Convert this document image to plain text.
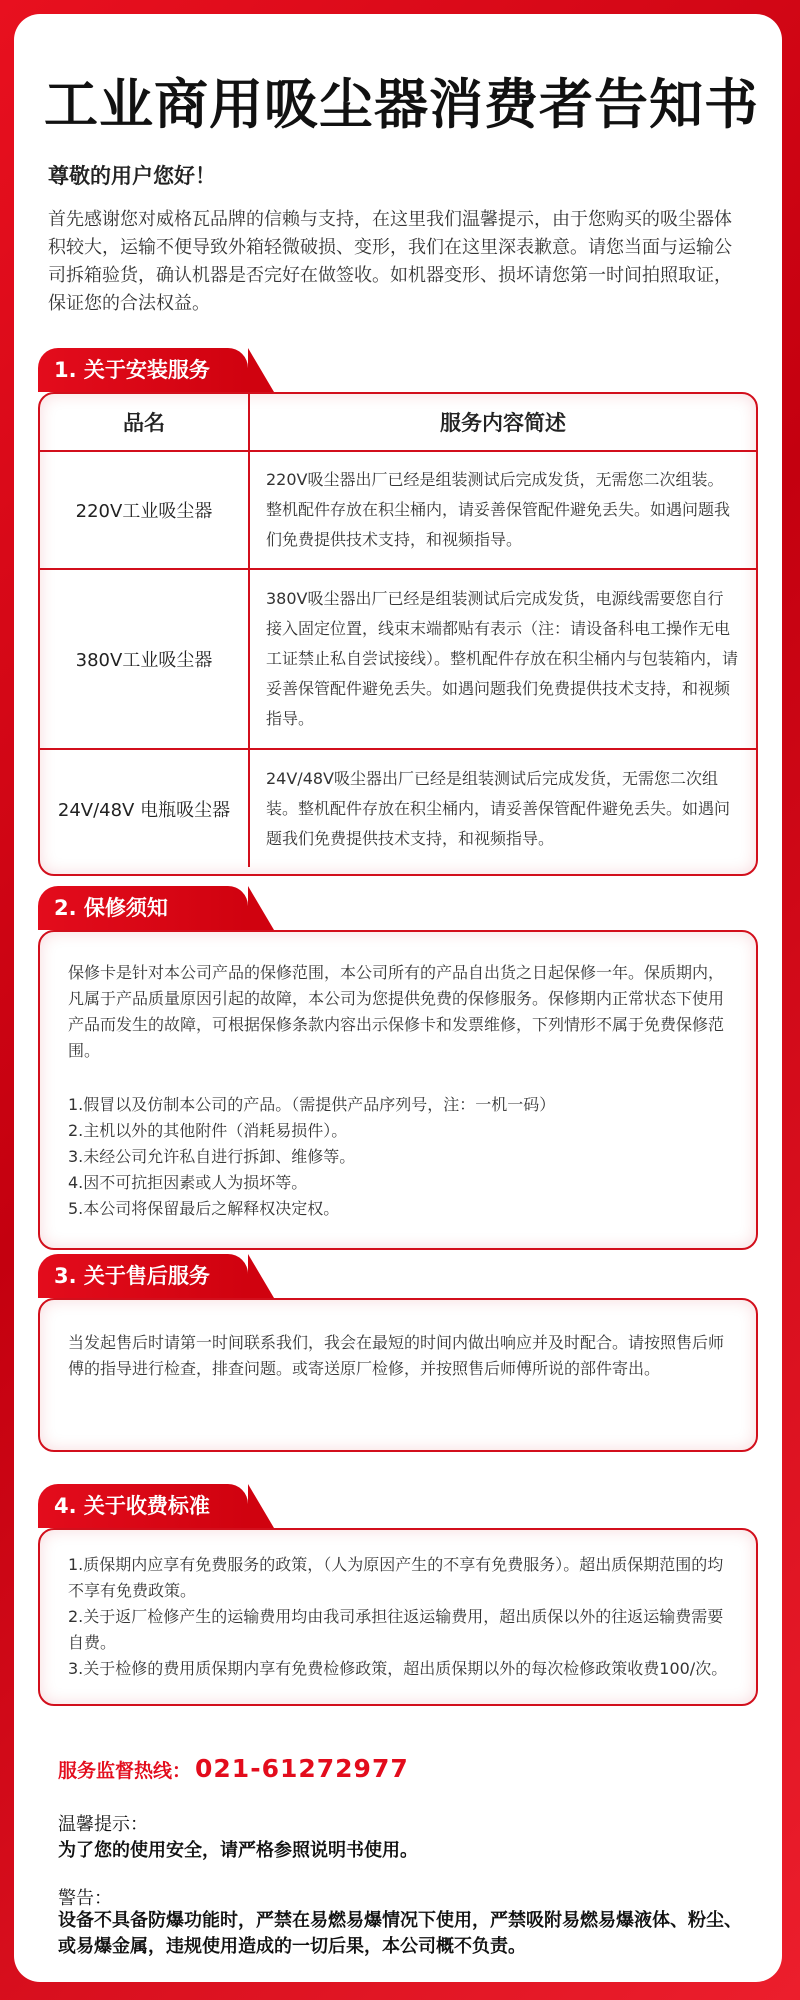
工业商用吸尘器消费者告知书
尊敬的用户您好！
首先感谢您对威格瓦品牌的信赖与支持，在这里我们温馨提示，由于您购买的吸尘器体积较大，运输不便导致外箱轻微破损、变形，我们在这里深表歉意。请您当面与运输公司拆箱验货，确认机器是否完好在做签收。如机器变形、损坏请您第一时间拍照取证，保证您的合法权益。
1. 关于安装服务
品名	服务内容简述
220V工业吸尘器	220V吸尘器出厂已经是组装测试后完成发货，无需您二次组装。整机配件存放在积尘桶内，请妥善保管配件避免丢失。如遇问题我们免费提供技术支持，和视频指导。
380V工业吸尘器	380V吸尘器出厂已经是组装测试后完成发货，电源线需要您自行接入固定位置，线束末端都贴有表示（注：请设备科电工操作无电工证禁止私自尝试接线）。整机配件存放在积尘桶内与包装箱内，请妥善保管配件避免丢失。如遇问题我们免费提供技术支持，和视频指导。
24V/48V 电瓶吸尘器	24V/48V吸尘器出厂已经是组装测试后完成发货，无需您二次组装。整机配件存放在积尘桶内，请妥善保管配件避免丢失。如遇问题我们免费提供技术支持，和视频指导。
2. 保修须知
保修卡是针对本公司产品的保修范围，本公司所有的产品自出货之日起保修一年。保质期内，凡属于产品质量原因引起的故障，本公司为您提供免费的保修服务。保修期内正常状态下使用产品而发生的故障，可根据保修条款内容出示保修卡和发票维修，下列情形不属于免费保修范围。
1.假冒以及仿制本公司的产品。（需提供产品序列号，注：一机一码）
2.主机以外的其他附件（消耗易损件）。
3.未经公司允许私自进行拆卸、维修等。
4.因不可抗拒因素或人为损坏等。
5.本公司将保留最后之解释权决定权。
3. 关于售后服务
当发起售后时请第一时间联系我们，我会在最短的时间内做出响应并及时配合。请按照售后师傅的指导进行检查，排查问题。或寄送原厂检修，并按照售后师傅所说的部件寄出。
4. 关于收费标准
1.质保期内应享有免费服务的政策，（人为原因产生的不享有免费服务）。超出质保期范围的均不享有免费政策。
2.关于返厂检修产生的运输费用均由我司承担往返运输费用，超出质保以外的往返运输费需要自费。
3.关于检修的费用质保期内享有免费检修政策，超出质保期以外的每次检修政策收费100/次。
服务监督热线： 021-61272977
温馨提示：
为了您的使用安全，请严格参照说明书使用。
警告：
设备不具备防爆功能时，严禁在易燃易爆情况下使用，严禁吸附易燃易爆液体、粉尘、或易爆金属，违规使用造成的一切后果，本公司概不负责。
